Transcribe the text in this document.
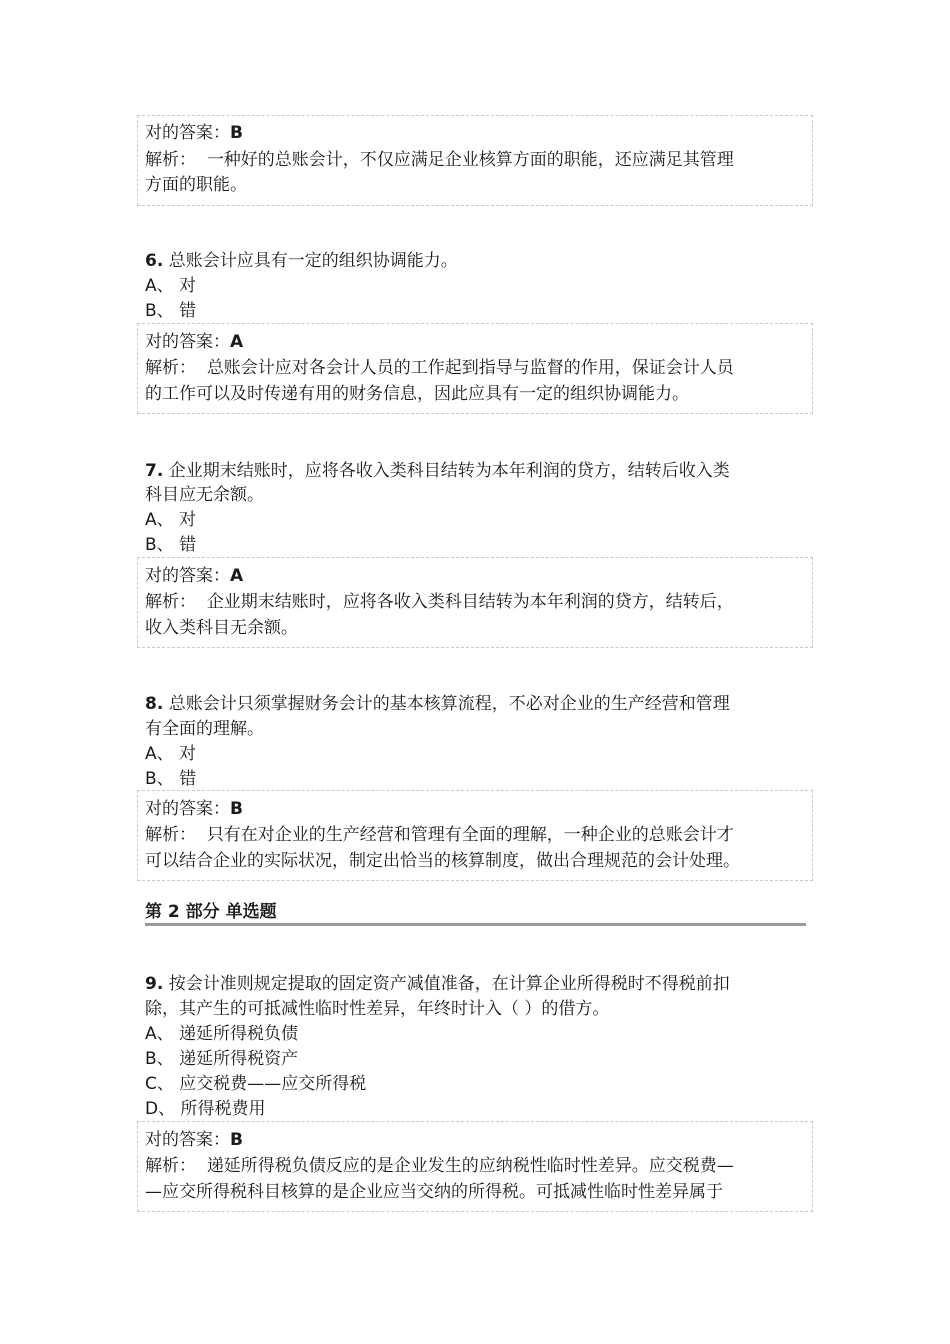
对的答案：B
解析： 一种好的总账会计，不仅应满足企业核算方面的职能，还应满足其管理
方面的职能。
6. 总账会计应具有一定的组织协调能力。
A、 对
B、 错
对的答案：A
解析： 总账会计应对各会计人员的工作起到指导与监督的作用，保证会计人员
的工作可以及时传递有用的财务信息，因此应具有一定的组织协调能力。
7. 企业期末结账时，应将各收入类科目结转为本年利润的贷方，结转后收入类
科目应无余额。
A、 对
B、 错
对的答案：A
解析： 企业期末结账时，应将各收入类科目结转为本年利润的贷方，结转后，
收入类科目无余额。
8. 总账会计只须掌握财务会计的基本核算流程，不必对企业的生产经营和管理
有全面的理解。
A、 对
B、 错
对的答案：B
解析： 只有在对企业的生产经营和管理有全面的理解，一种企业的总账会计才
可以结合企业的实际状况，制定出恰当的核算制度，做出合理规范的会计处理。
第 2 部分 单选题
9. 按会计准则规定提取的固定资产减值准备，在计算企业所得税时不得税前扣
除，其产生的可抵减性临时性差异，年终时计入（ ）的借方。
A、 递延所得税负债
B、 递延所得税资产
C、 应交税费——应交所得税
D、 所得税费用
对的答案：B
解析： 递延所得税负债反应的是企业发生的应纳税性临时性差异。应交税费—
—应交所得税科目核算的是企业应当交纳的所得税。可抵减性临时性差异属于
